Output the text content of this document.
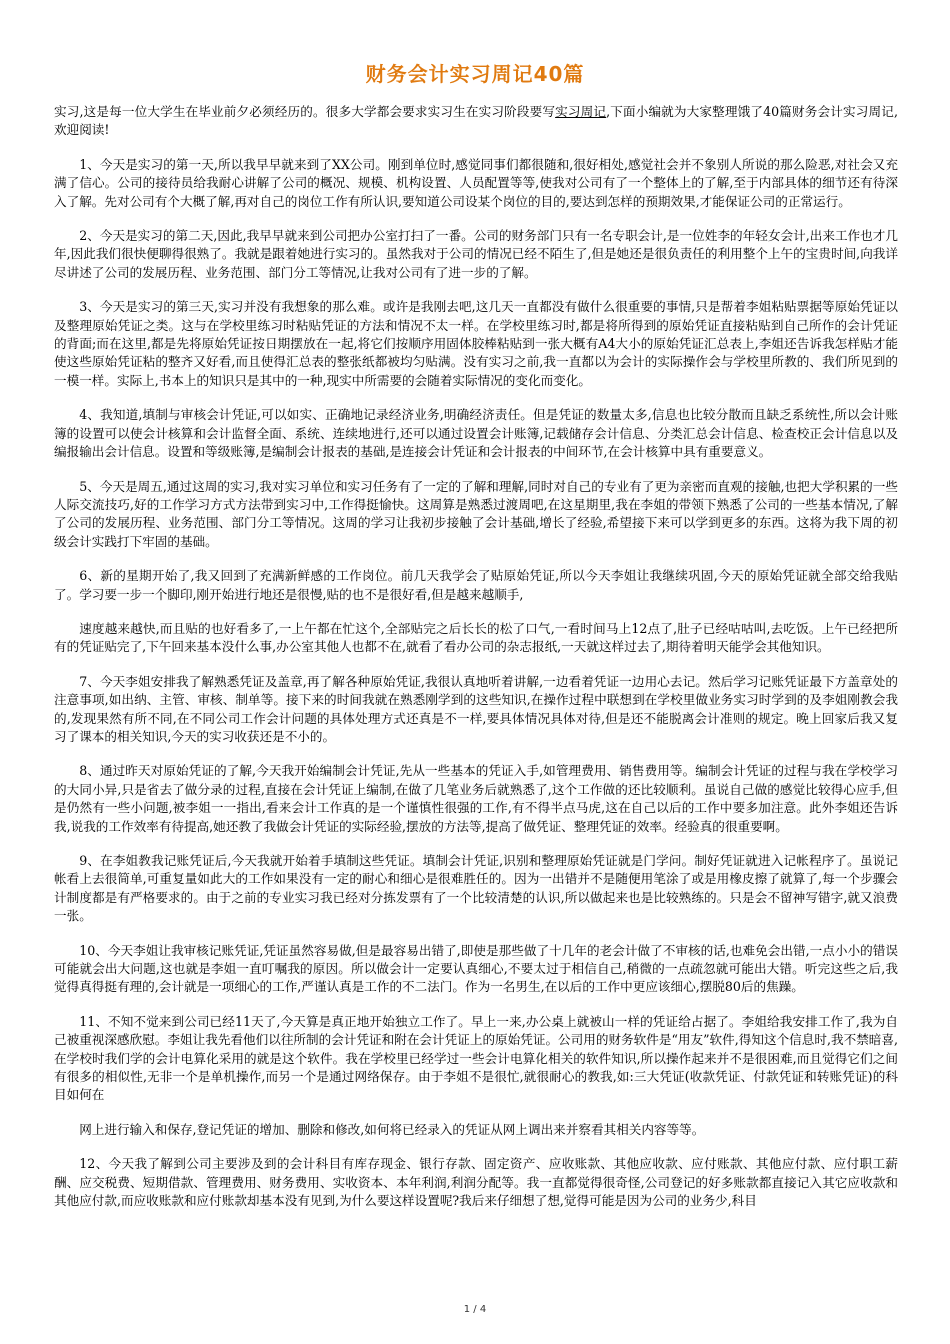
财务会计实习周记40篇

实习,这是每一位大学生在毕业前夕必须经历的。很多大学都会要求实习生在实习阶段要写实习周记,下面小编就为大家整理饿了40篇财务会计实习周记,欢迎阅读!

1、今天是实习的第一天,所以我早早就来到了XX公司。刚到单位时,感觉同事们都很随和,很好相处,感觉社会并不象别人所说的那么险恶,对社会又充满了信心。公司的接待员给我耐心讲解了公司的概况、规模、机构设置、人员配置等等,使我对公司有了一个整体上的了解,至于内部具体的细节还有待深入了解。先对公司有个大概了解,再对自己的岗位工作有所认识,要知道公司设某个岗位的目的,要达到怎样的预期效果,才能保证公司的正常运行。

2、今天是实习的第二天,因此,我早早就来到公司把办公室打扫了一番。公司的财务部门只有一名专职会计,是一位姓李的年轻女会计,出来工作也才几年,因此我们很快便聊得很熟了。我就是跟着她进行实习的。虽然我对于公司的情况已经不陌生了,但是她还是很负责任的利用整个上午的宝贵时间,向我详尽讲述了公司的发展历程、业务范围、部门分工等情况,让我对公司有了进一步的了解。

3、今天是实习的第三天,实习并没有我想象的那么难。或许是我刚去吧,这几天一直都没有做什么很重要的事情,只是帮着李姐粘贴票据等原始凭证以及整理原始凭证之类。这与在学校里练习时粘贴凭证的方法和情况不太一样。在学校里练习时,都是将所得到的原始凭证直接粘贴到自己所作的会计凭证的背面;而在这里,都是先将原始凭证按日期摆放在一起,将它们按顺序用固体胶棒粘贴到一张大概有A4大小的原始凭证汇总表上,李姐还告诉我怎样贴才能使这些原始凭证粘的整齐又好看,而且使得汇总表的整张纸都被均匀贴满。没有实习之前,我一直都以为会计的实际操作会与学校里所教的、我们所见到的一模一样。实际上,书本上的知识只是其中的一种,现实中所需要的会随着实际情况的变化而变化。

4、我知道,填制与审核会计凭证,可以如实、正确地记录经济业务,明确经济责任。但是凭证的数量太多,信息也比较分散而且缺乏系统性,所以会计账簿的设置可以使会计核算和会计监督全面、系统、连续地进行,还可以通过设置会计账簿,记载储存会计信息、分类汇总会计信息、检查校正会计信息以及编报输出会计信息。设置和等级账簿,是编制会计报表的基础,是连接会计凭证和会计报表的中间环节,在会计核算中具有重要意义。

5、今天是周五,通过这周的实习,我对实习单位和实习任务有了一定的了解和理解,同时对自己的专业有了更为亲密而直观的接触,也把大学积累的一些人际交流技巧,好的工作学习方式方法带到实习中,工作得挺愉快。这周算是熟悉过渡周吧,在这星期里,我在李姐的带领下熟悉了公司的一些基本情况,了解了公司的发展历程、业务范围、部门分工等情况。这周的学习让我初步接触了会计基础,增长了经验,希望接下来可以学到更多的东西。这将为我下周的初级会计实践打下牢固的基础。

6、新的星期开始了,我又回到了充满新鲜感的工作岗位。前几天我学会了贴原始凭证,所以今天李姐让我继续巩固,今天的原始凭证就全部交给我贴了。学习要一步一个脚印,刚开始进行地还是很慢,贴的也不是很好看,但是越来越顺手,

速度越来越快,而且贴的也好看多了,一上午都在忙这个,全部贴完之后长长的松了口气,一看时间马上12点了,肚子已经咕咕叫,去吃饭。上午已经把所有的凭证贴完了,下午回来基本没什么事,办公室其他人也都不在,就看了看办公司的杂志报纸,一天就这样过去了,期待着明天能学会其他知识。

7、今天李姐安排我了解熟悉凭证及盖章,再了解各种原始凭证,我很认真地听着讲解,一边看着凭证一边用心去记。然后学习记账凭证最下方盖章处的注意事项,如出纳、主管、审核、制单等。接下来的时间我就在熟悉刚学到的这些知识,在操作过程中联想到在学校里做业务实习时学到的及李姐刚教会我的,发现果然有所不同,在不同公司工作会计问题的具体处理方式还真是不一样,要具体情况具体对待,但是还不能脱离会计准则的规定。晚上回家后我又复习了课本的相关知识,今天的实习收获还是不小的。

8、通过昨天对原始凭证的了解,今天我开始编制会计凭证,先从一些基本的凭证入手,如管理费用、销售费用等。编制会计凭证的过程与我在学校学习的大同小异,只是省去了做分录的过程,直接在会计凭证上编制,在做了几笔业务后就熟悉了,这个工作做的还比较顺利。虽说自己做的感觉比较得心应手,但是仍然有一些小问题,被李姐一一指出,看来会计工作真的是一个谨慎性很强的工作,有不得半点马虎,这在自己以后的工作中要多加注意。此外李姐还告诉我,说我的工作效率有待提高,她还教了我做会计凭证的实际经验,摆放的方法等,提高了做凭证、整理凭证的效率。经验真的很重要啊。

9、在李姐教我记账凭证后,今天我就开始着手填制这些凭证。填制会计凭证,识别和整理原始凭证就是门学问。制好凭证就进入记帐程序了。虽说记帐看上去很简单,可重复量如此大的工作如果没有一定的耐心和细心是很难胜任的。因为一出错并不是随便用笔涂了或是用橡皮擦了就算了,每一个步骤会计制度都是有严格要求的。由于之前的专业实习我已经对分拣发票有了一个比较清楚的认识,所以做起来也是比较熟练的。只是会不留神写错字,就又浪费一张。

10、今天李姐让我审核记账凭证,凭证虽然容易做,但是最容易出错了,即使是那些做了十几年的老会计做了不审核的话,也难免会出错,一点小小的错误可能就会出大问题,这也就是李姐一直叮嘱我的原因。所以做会计一定要认真细心,不要太过于相信自己,稍微的一点疏忽就可能出大错。听完这些之后,我觉得真得挺有理的,会计就是一项细心的工作,严谨认真是工作的不二法门。作为一名男生,在以后的工作中更应该细心,摆脱80后的焦躁。

11、不知不觉来到公司已经11天了,今天算是真正地开始独立工作了。早上一来,办公桌上就被山一样的凭证给占据了。李姐给我安排工作了,我为自己被重视深感欣慰。李姐让我先看他们以往所制的会计凭证和附在会计凭证上的原始凭证。公司用的财务软件是“用友”软件,得知这个信息时,我不禁暗喜,在学校时我们学的会计电算化采用的就是这个软件。我在学校里已经学过一些会计电算化相关的软件知识,所以操作起来并不是很困难,而且觉得它们之间有很多的相似性,无非一个是单机操作,而另一个是通过网络保存。由于李姐不是很忙,就很耐心的教我,如:三大凭证(收款凭证、付款凭证和转账凭证)的科目如何在

网上进行输入和保存,登记凭证的增加、删除和修改,如何将已经录入的凭证从网上调出来并察看其相关内容等等。

12、今天我了解到公司主要涉及到的会计科目有库存现金、银行存款、固定资产、应收账款、其他应收款、应付账款、其他应付款、应付职工薪酬、应交税费、短期借款、管理费用、财务费用、实收资本、本年利润,利润分配等。我一直都觉得很奇怪,公司登记的好多账款都直接记入其它应收款和其他应付款,而应收账款和应付账款却基本没有见到,为什么要这样设置呢?我后来仔细想了想,觉得可能是因为公司的业务少,科目

1 / 4
